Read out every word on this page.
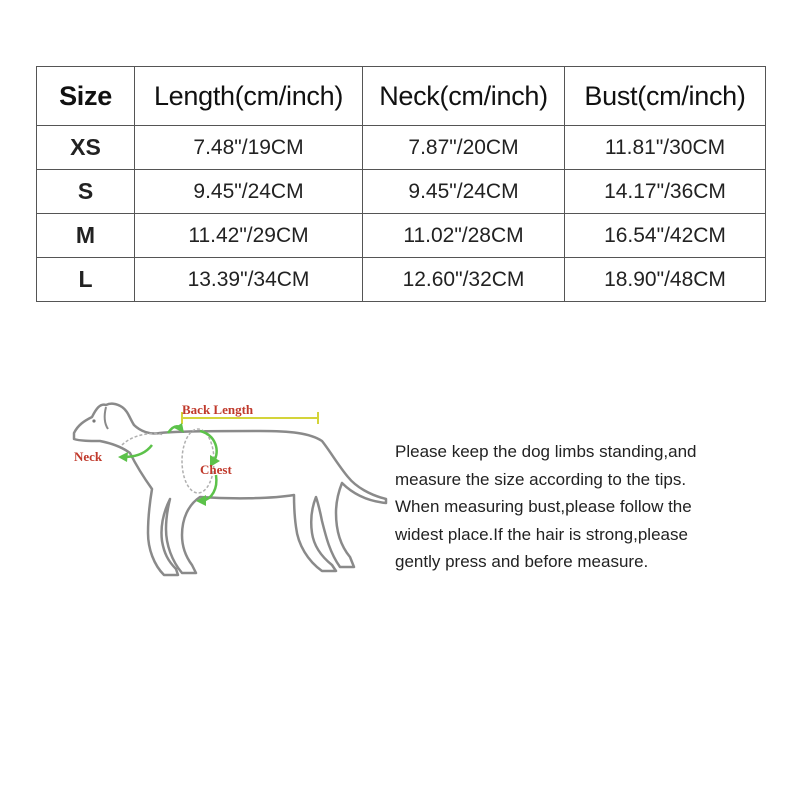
Size	Length(cm/inch)	Neck(cm/inch)	Bust(cm/inch)
XS	7.48"/19CM	7.87"/20CM	11.81"/30CM
S	9.45"/24CM	9.45"/24CM	14.17"/36CM
M	11.42"/29CM	11.02"/28CM	16.54"/42CM
L	13.39"/34CM	12.60"/32CM	18.90"/48CM
Back Length
Neck
Chest
Please keep the dog limbs standing,and
measure the size according to the tips.
When measuring bust,please follow the
widest place.If the hair is strong,please
gently press and before measure.
